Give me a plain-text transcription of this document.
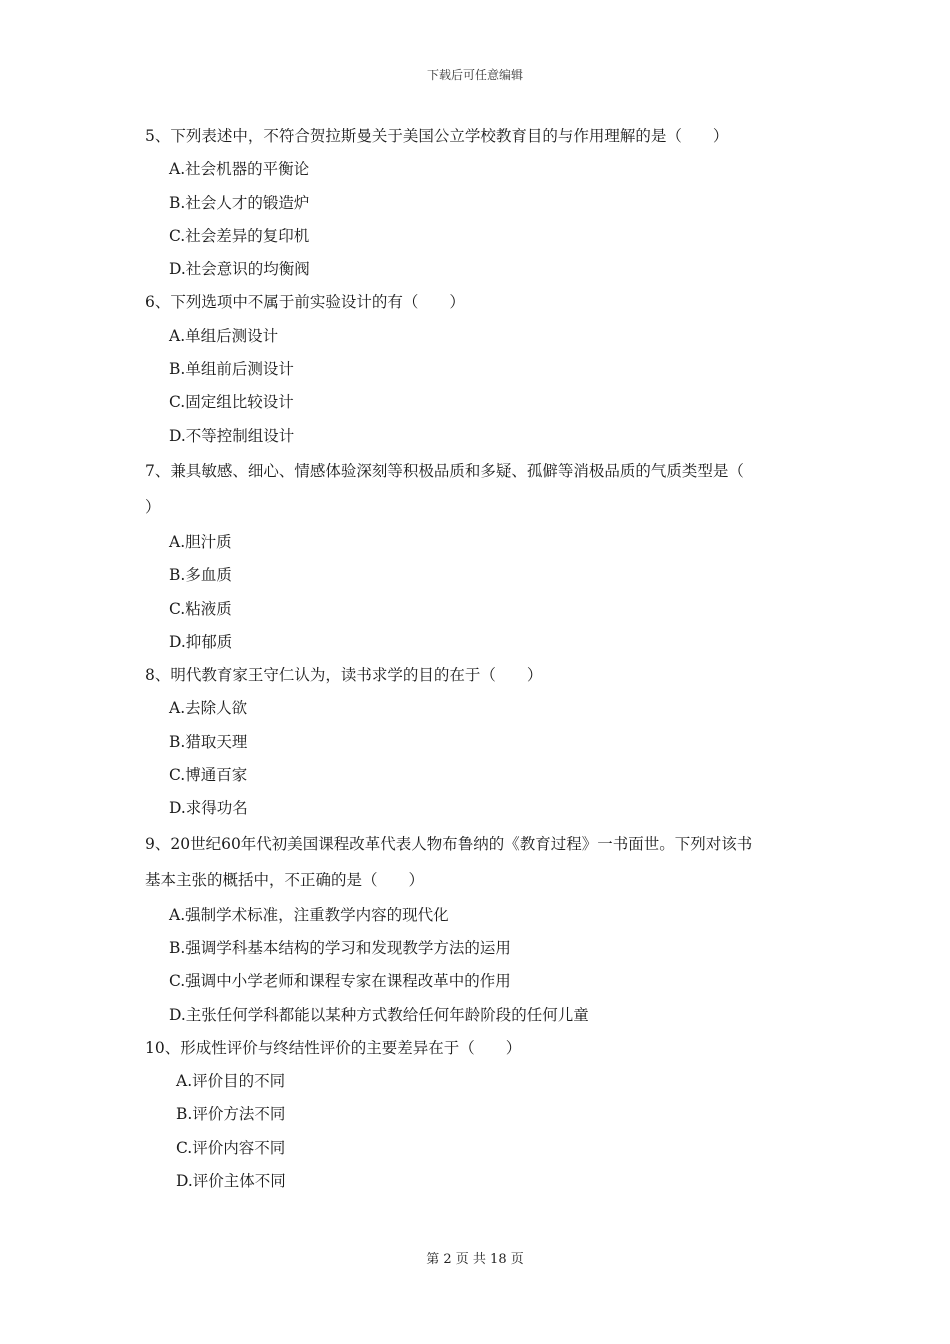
下载后可任意编辑
5、下列表述中，不符合贺拉斯曼关于美国公立学校教育目的与作用理解的是（　　）
A.社会机器的平衡论
B.社会人才的锻造炉
C.社会差异的复印机
D.社会意识的均衡阀
6、下列选项中不属于前实验设计的有（　　）
A.单组后测设计
B.单组前后测设计
C.固定组比较设计
D.不等控制组设计
7、兼具敏感、细心、情感体验深刻等积极品质和多疑、孤僻等消极品质的气质类型是（
）
A.胆汁质
B.多血质
C.粘液质
D.抑郁质
8、明代教育家王守仁认为，读书求学的目的在于（　　）
A.去除人欲
B.猎取天理
C.博通百家
D.求得功名
9、20世纪60年代初美国课程改革代表人物布鲁纳的《教育过程》一书面世。下列对该书
基本主张的概括中，不正确的是（　　）
A.强制学术标准，注重教学内容的现代化
B.强调学科基本结构的学习和发现教学方法的运用
C.强调中小学老师和课程专家在课程改革中的作用
D.主张任何学科都能以某种方式教给任何年龄阶段的任何儿童
10、形成性评价与终结性评价的主要差异在于（　　）
A.评价目的不同
B.评价方法不同
C.评价内容不同
D.评价主体不同
第 2 页 共 18 页
